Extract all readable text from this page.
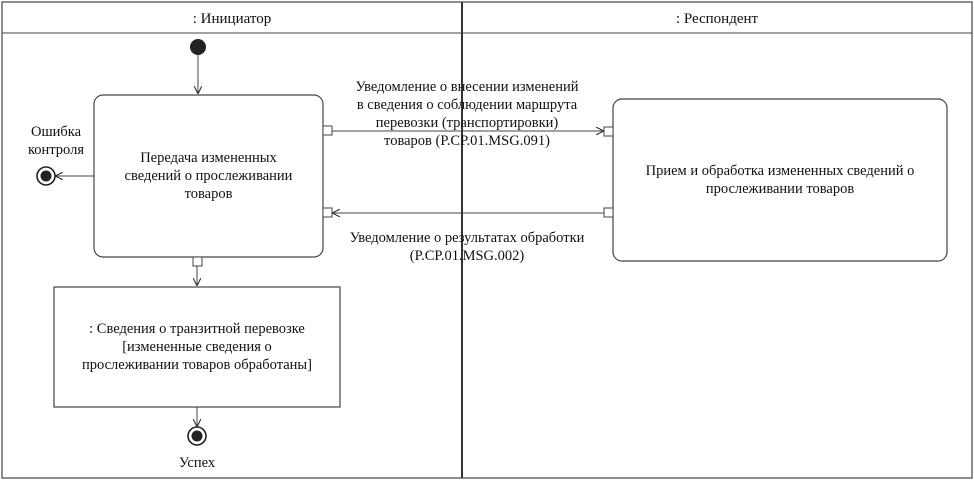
: Инициатор	: Респондент
Успех
Передача измененных
сведений о прослеживании
товаров
Прием и обработка измененных сведений о
прослеживании товаров
: Сведения о транзитной перевозке
[измененные сведения о
прослеживании товаров обработаны]
Уведомление о внесении изменений
в сведения о соблюдении маршрута
перевозки (транспортировки)
товаров (P.CP.01.MSG.091)
Уведомление о результатах обработки
(P.CP.01.MSG.002)
Ошибка
контроля
